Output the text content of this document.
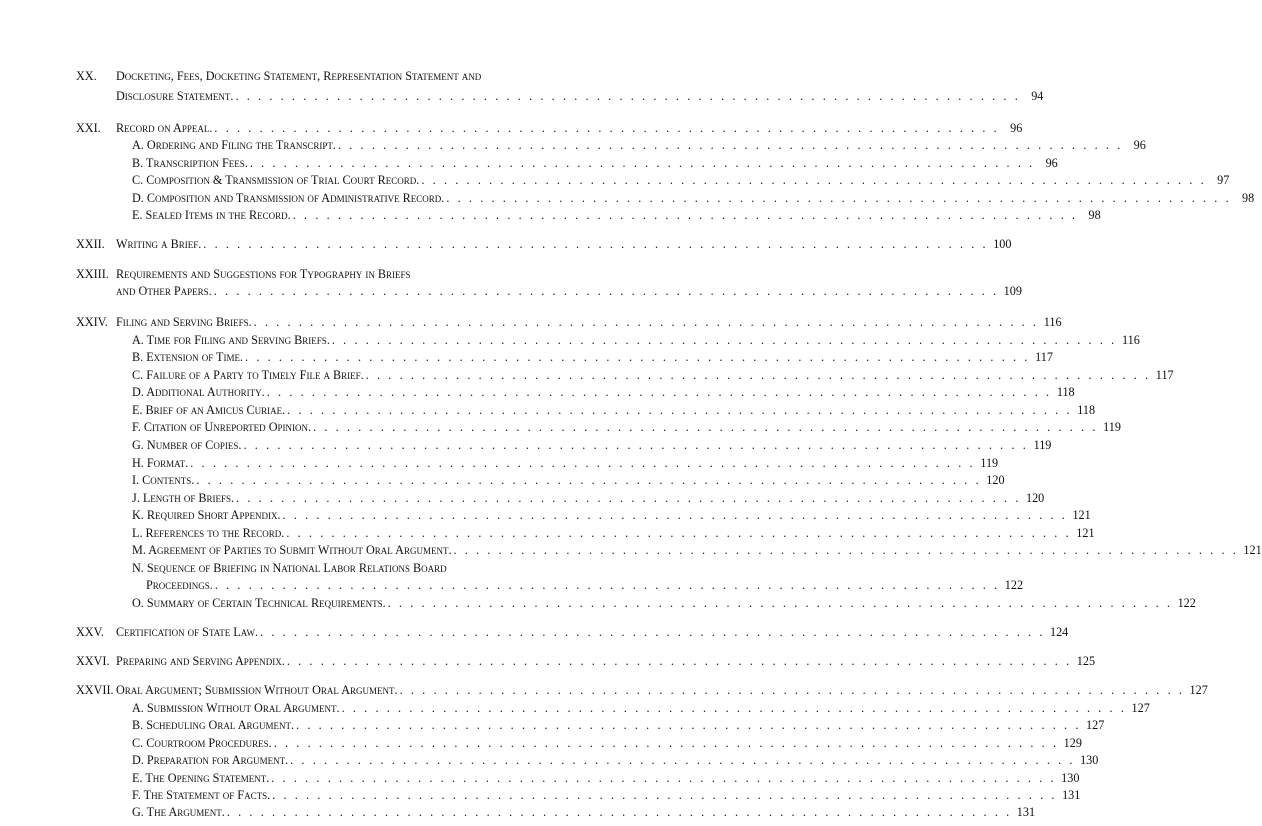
XX.	Docketing, Fees, Docketing Statement, Representation Statement and
Disclosure Statement. . . . . . . . . . . . . . . . . . . . . . . . . . . . . . . . . . . . . . . . . . . . . . . . . . . . . . . . . . . . . . . . . . . . . . . 94
XXI.	Record on Appeal. . . . . . . . . . . . . . . . . . . . . . . . . . . . . . . . . . . . . . . . . . . . . . . . . . . . . . . . . . . . . . . . . . . . . . . 96
A. Ordering and Filing the Transcript. . . . . . . . . . . . . . . . . . . . . . . . . . . . . . . . . . . . . . . . . . . . . . . . . . . . . . . . . . . . . . . . . . . . . . . 96
B. Transcription Fees. . . . . . . . . . . . . . . . . . . . . . . . . . . . . . . . . . . . . . . . . . . . . . . . . . . . . . . . . . . . . . . . . . . . . . . 96
C. Composition & Transmission of Trial Court Record. . . . . . . . . . . . . . . . . . . . . . . . . . . . . . . . . . . . . . . . . . . . . . . . . . . . . . . . . . . . . . . . . . . . . . . 97
D. Composition and Transmission of Administrative Record. . . . . . . . . . . . . . . . . . . . . . . . . . . . . . . . . . . . . . . . . . . . . . . . . . . . . . . . . . . . . . . . . . . . . . . 98
E. Sealed Items in the Record. . . . . . . . . . . . . . . . . . . . . . . . . . . . . . . . . . . . . . . . . . . . . . . . . . . . . . . . . . . . . . . . . . . . . . . 98
XXII. Writing a Brief. . . . . . . . . . . . . . . . . . . . . . . . . . . . . . . . . . . . . . . . . . . . . . . . . . . . . . . . . . . . . . . . . . . . . . . 100
XXIII. Requirements and Suggestions for Typography in Briefs
and Other Papers. . . . . . . . . . . . . . . . . . . . . . . . . . . . . . . . . . . . . . . . . . . . . . . . . . . . . . . . . . . . . . . . . . . . . . . 109
XXIV. Filing and Serving Briefs. . . . . . . . . . . . . . . . . . . . . . . . . . . . . . . . . . . . . . . . . . . . . . . . . . . . . . . . . . . . . . . . . . . . . . . 116
A. Time for Filing and Serving Briefs. . . . . . . . . . . . . . . . . . . . . . . . . . . . . . . . . . . . . . . . . . . . . . . . . . . . . . . . . . . . . . . . . . . . . . . 116
B. Extension of Time. . . . . . . . . . . . . . . . . . . . . . . . . . . . . . . . . . . . . . . . . . . . . . . . . . . . . . . . . . . . . . . . . . . . . . . 117
C. Failure of a Party to Timely File a Brief. . . . . . . . . . . . . . . . . . . . . . . . . . . . . . . . . . . . . . . . . . . . . . . . . . . . . . . . . . . . . . . . . . . . . . . 117
D. Additional Authority. . . . . . . . . . . . . . . . . . . . . . . . . . . . . . . . . . . . . . . . . . . . . . . . . . . . . . . . . . . . . . . . . . . . . . . 118
E. Brief of an Amicus Curiae. . . . . . . . . . . . . . . . . . . . . . . . . . . . . . . . . . . . . . . . . . . . . . . . . . . . . . . . . . . . . . . . . . . . . . . 118
F. Citation of Unreported Opinion. . . . . . . . . . . . . . . . . . . . . . . . . . . . . . . . . . . . . . . . . . . . . . . . . . . . . . . . . . . . . . . . . . . . . . . 119
G. Number of Copies. . . . . . . . . . . . . . . . . . . . . . . . . . . . . . . . . . . . . . . . . . . . . . . . . . . . . . . . . . . . . . . . . . . . . . . 119
H. Format. . . . . . . . . . . . . . . . . . . . . . . . . . . . . . . . . . . . . . . . . . . . . . . . . . . . . . . . . . . . . . . . . . . . . . . 119
I. Contents. . . . . . . . . . . . . . . . . . . . . . . . . . . . . . . . . . . . . . . . . . . . . . . . . . . . . . . . . . . . . . . . . . . . . . . 120
J. Length of Briefs. . . . . . . . . . . . . . . . . . . . . . . . . . . . . . . . . . . . . . . . . . . . . . . . . . . . . . . . . . . . . . . . . . . . . . . 120
K. Required Short Appendix. . . . . . . . . . . . . . . . . . . . . . . . . . . . . . . . . . . . . . . . . . . . . . . . . . . . . . . . . . . . . . . . . . . . . . . 121
L. References to the Record. . . . . . . . . . . . . . . . . . . . . . . . . . . . . . . . . . . . . . . . . . . . . . . . . . . . . . . . . . . . . . . . . . . . . . . 121
M. Agreement of Parties to Submit Without Oral Argument. . . . . . . . . . . . . . . . . . . . . . . . . . . . . . . . . . . . . . . . . . . . . . . . . . . . . . . . . . . . . . . . . . . . . . . 121
N. Sequence of Briefing in National Labor Relations Board
Proceedings. . . . . . . . . . . . . . . . . . . . . . . . . . . . . . . . . . . . . . . . . . . . . . . . . . . . . . . . . . . . . . . . . . . . . . . 122
O. Summary of Certain Technical Requirements. . . . . . . . . . . . . . . . . . . . . . . . . . . . . . . . . . . . . . . . . . . . . . . . . . . . . . . . . . . . . . . . . . . . . . . 122
XXV. Certification of State Law. . . . . . . . . . . . . . . . . . . . . . . . . . . . . . . . . . . . . . . . . . . . . . . . . . . . . . . . . . . . . . . . . . . . . . . 124
XXVI. Preparing and Serving Appendix. . . . . . . . . . . . . . . . . . . . . . . . . . . . . . . . . . . . . . . . . . . . . . . . . . . . . . . . . . . . . . . . . . . . . . . 125
XXVII. Oral Argument; Submission Without Oral Argument. . . . . . . . . . . . . . . . . . . . . . . . . . . . . . . . . . . . . . . . . . . . . . . . . . . . . . . . . . . . . . . . . . . . . . . 127
A. Submission Without Oral Argument. . . . . . . . . . . . . . . . . . . . . . . . . . . . . . . . . . . . . . . . . . . . . . . . . . . . . . . . . . . . . . . . . . . . . . . 127
B. Scheduling Oral Argument. . . . . . . . . . . . . . . . . . . . . . . . . . . . . . . . . . . . . . . . . . . . . . . . . . . . . . . . . . . . . . . . . . . . . . . 127
C. Courtroom Procedures. . . . . . . . . . . . . . . . . . . . . . . . . . . . . . . . . . . . . . . . . . . . . . . . . . . . . . . . . . . . . . . . . . . . . . . 129
D. Preparation for Argument. . . . . . . . . . . . . . . . . . . . . . . . . . . . . . . . . . . . . . . . . . . . . . . . . . . . . . . . . . . . . . . . . . . . . . . 130
E. The Opening Statement. . . . . . . . . . . . . . . . . . . . . . . . . . . . . . . . . . . . . . . . . . . . . . . . . . . . . . . . . . . . . . . . . . . . . . . 130
F. The Statement of Facts. . . . . . . . . . . . . . . . . . . . . . . . . . . . . . . . . . . . . . . . . . . . . . . . . . . . . . . . . . . . . . . . . . . . . . . 131
G. The Argument. . . . . . . . . . . . . . . . . . . . . . . . . . . . . . . . . . . . . . . . . . . . . . . . . . . . . . . . . . . . . . . . . . . . . . . 131
